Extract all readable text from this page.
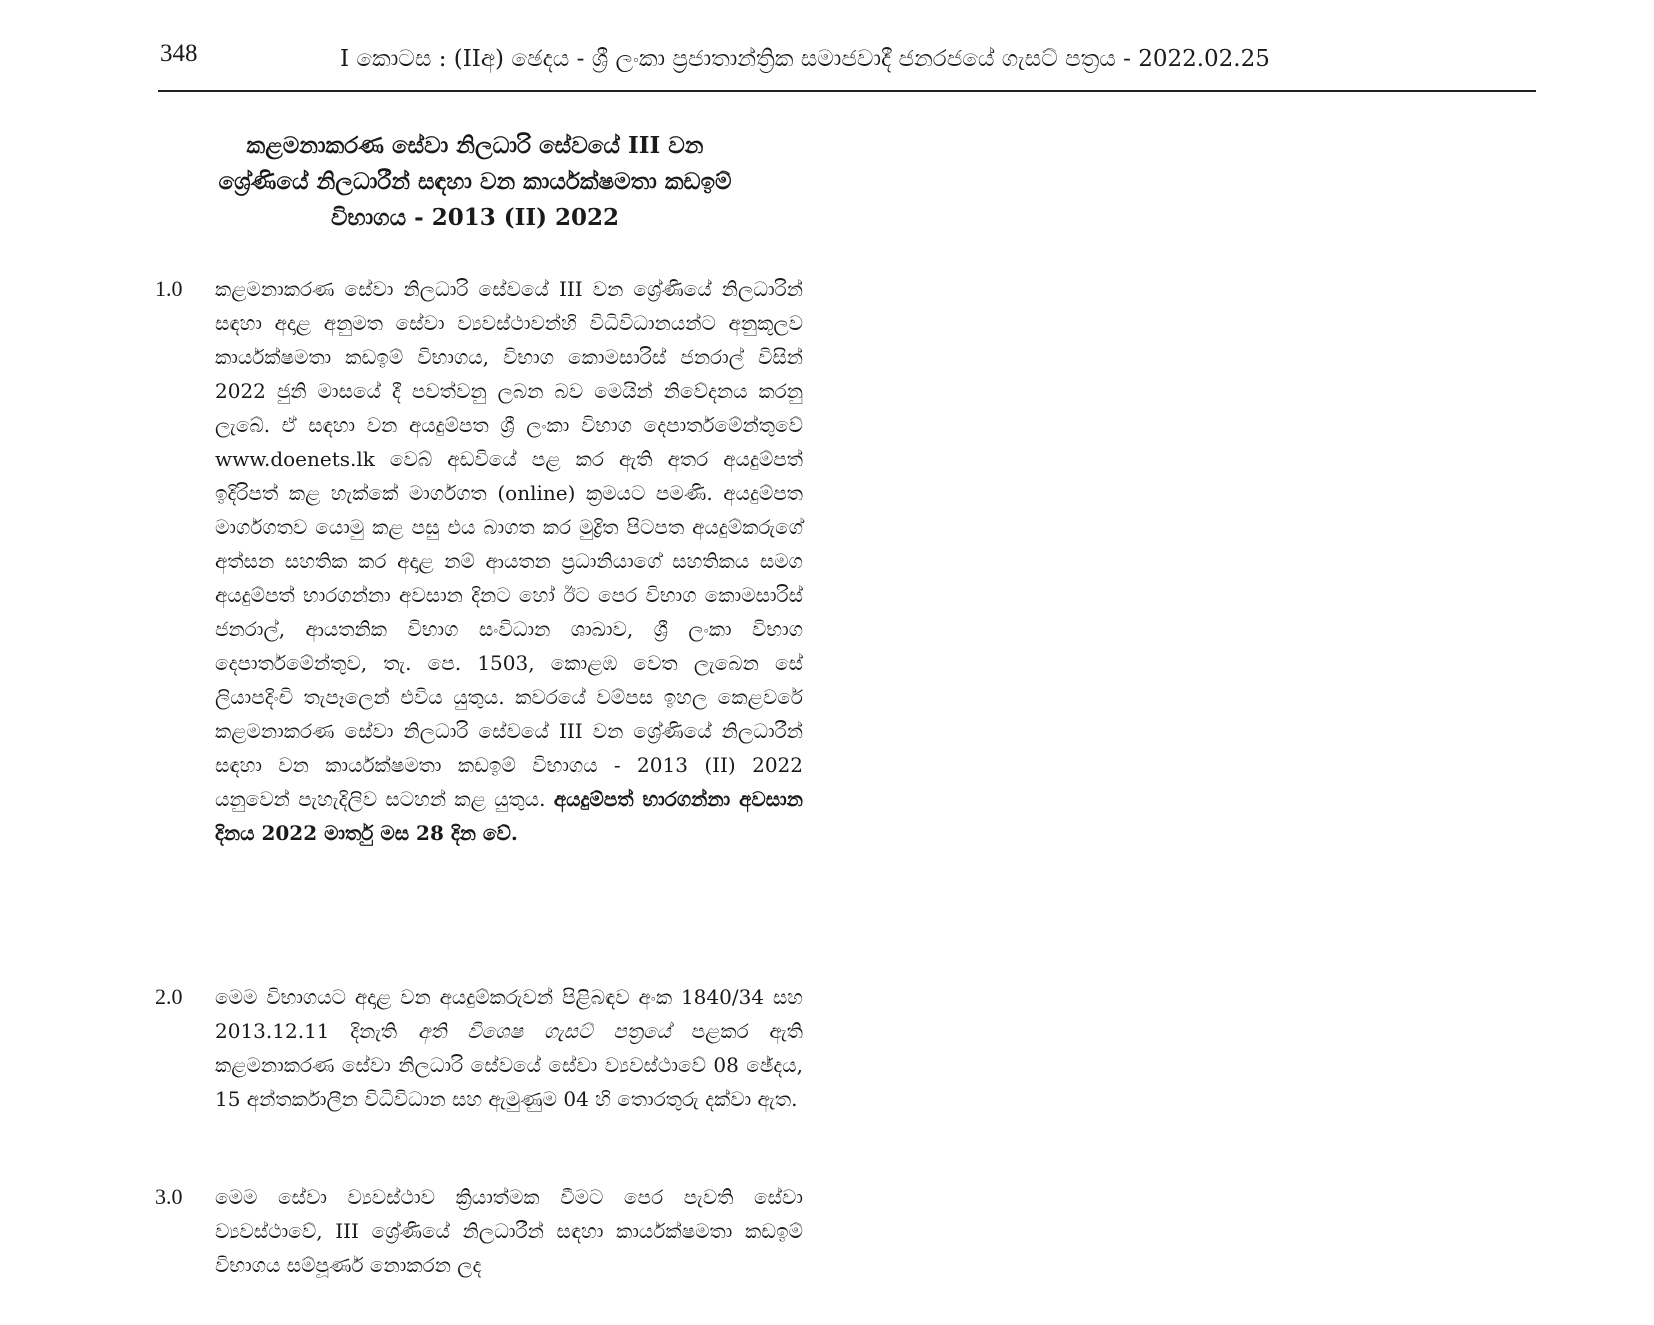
348	I කොටස : (IIඅ) ඡෙදය - ශ්‍රී ලංකා ප්‍රජාතාන්ත්‍රික සමාජවාදී ජනරජයේ ගැසට් පත්‍රය - 2022.02.25
කළමනාකරණ සේවා නිලධාරි සේවයේ III වන
ශ්‍රේණියේ නිලධාරීන් සඳහා වන කාර්යක්ෂමතා කඩඉම්
විභාගය - 2013 (II) 2022
1.0 කළමනාකරණ සේවා නිලධාරි සේවයේ III වන ශ්‍රේණියේ නිලධාරින් සඳහා අදාළ අනුමත සේවා ව්‍යවස්ථාවන්හි විධිවිධානයන්ට අනුකූලව කාර්යක්ෂමතා කඩඉම් විභාගය, විභාග කොමසාරිස් ජනරාල් විසින් 2022 ජුනි මාසයේ දී පවත්වනු ලබන බව මෙයින් නිවේදනය කරනු ලැබේ. ඒ සඳහා වන අයදුම්පත ශ්‍රී ලංකා විභාග දෙපාර්තමේන්තුවේ www.doenets.lk වෙබ් අඩවියේ පළ කර ඇති අතර අයදුම්පත් ඉදිරිපත් කළ හැක්කේ මාර්ගගත (online) ක්‍රමයට පමණි. අයදුම්පත මාර්ගගතව යොමු කළ පසු එය බාගත කර මුද්‍රිත පිටපත අයදුම්කරුගේ අත්සන සහතික කර අදාළ නම් ආයතන ප්‍රධානියාගේ සහතිකය සමග අයදුම්පත් භාරගන්නා අවසාන දිනට හෝ ඊට පෙර විභාග කොමසාරිස් ජනරාල්, ආයතනික විභාග සංවිධාන ශාඛාව, ශ්‍රී ලංකා විභාග දෙපාර්තමේන්තුව, තැ. පෙ. 1503, කොළඹ වෙත ලැබෙන සේ ලියාපදිංචි තැපෑලෙන් එවිය යුතුය. කවරයේ වම්පස ඉහල කෙළවරේ කළමනාකරණ සේවා නිලධාරි සේවයේ III වන ශ්‍රේණියේ නිලධාරීන් සඳහා වන කාර්යක්ෂමතා කඩඉම් විභාගය - 2013 (II) 2022 යනුවෙන් පැහැදිලිව සටහන් කළ යුතුය. අයදුම්පත් භාරගන්නා අවසාන දිනය 2022 මාර්තු මස 28 දින වේ.
2.0 මෙම විභාගයට අදාළ වන අයදුම්කරුවන් පිළිබඳව අංක 1840/34 සහ 2013.12.11 දිනැති අති විශෙෂ ගැසට් පත්‍රයේ පළකර ඇති කළමනාකරණ සේවා නිලධාරි සේවයේ සේවා ව්‍යවස්ථාවේ 08 ඡේදය, 15 අන්තර්කාලීන විධිවිධාන සහ ඇමුණුම 04 හි තොරතුරු දක්වා ඇත.
3.0 මෙම සේවා ව්‍යවස්ථාව ක්‍රියාත්මක වීමට පෙර පැවති සේවා ව්‍යවස්ථාවේ, III ශ්‍රේණියේ නිලධාරීන් සඳහා කාර්යක්ෂමතා කඩඉම් විභාගය සම්පූර්ණ නොකරන ලද
